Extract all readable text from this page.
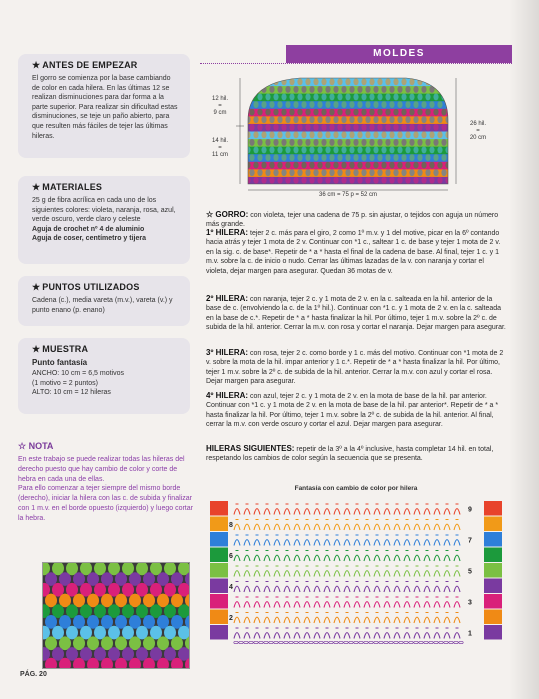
★ ANTES DE EMPEZAR
El gorro se comienza por la base cambiando de color en cada hilera. En las últimas 12 se realizan disminuciones para dar forma a la parte superior. Para realizar sin dificultad estas disminuciones, se teje un paño abierto, para que resulten más fáciles de tejer las últimas hileras.
★ MATERIALES
25 g de fibra acrílica en cada uno de los siguientes colores: violeta, naranja, rosa, azul, verde oscuro, verde claro y celeste
Aguja de crochet nº 4 de aluminio
Aguja de coser, centímetro y tijera
★ PUNTOS UTILIZADOS
Cadena (c.), media vareta (m.v.), vareta (v.) y punto enano (p. enano)
★ MUESTRA
Punto fantasía
ANCHO: 10 cm = 6,5 motivos
(1 motivo = 2 puntos)
ALTO: 10 cm = 12 hileras
☆ NOTA
En este trabajo se puede realizar todas las hileras del derecho puesto que hay cambio de color y corte de hebra en cada una de ellas.
Para ello comenzar a tejer siempre del mismo borde (derecho), iniciar la hilera con las c. de subida y finalizar con 1 m.v. en el borde opuesto (izquierdo) y luego cortar la hebra.
PÁG. 20
MOLDES
12 hil.
=
9 cm
14 hil.
=
11 cm
26 hil.
=
20 cm
36 cm = 75 p = 52 cm
☆ GORRO: con violeta, tejer una cadena de 75 p. sin ajustar, o tejidos con aguja un número más grande.
1º HILERA: tejer 2 c. más para el giro, 2 como 1º m.v. y 1 del motive, picar en la 6º contando hacia atrás y tejer 1 mota de 2 v. Continuar con *1 c., saltear 1 c. de base y tejer 1 mota de 2 v. en la sig. c. de base*. Repetir de * a * hasta el final de la cadena de base. Al final, tejer 1 c. y 1 m.v. sobre la c. de inicio o nudo. Cerrar las últimas lazadas de la v. con naranja y cortar el violeta, dejar margen para asegurar. Quedan 36 motas de v.
2º HILERA: con naranja, tejer 2 c. y 1 mota de 2 v. en la c. salteada en la hil. anterior de la base de c. (envolviendo la c. de la 1º hil.). Continuar con *1 c. y 1 mota de 2 v. en la c. salteada en la base de c.*. Repetir de * a * hasta finalizar la hil. Por último, tejer 1 m.v. sobre la 2º c. de subida de la hil. anterior. Cerrar la m.v. con rosa y cortar el naranja. Dejar margen para asegurar.
3º HILERA: con rosa, tejer 2 c. como borde y 1 c. más del motivo. Continuar con *1 mota de 2 v. sobre la mota de la hil. impar anterior y 1 c.*. Repetir de * a * hasta finalizar la hil. Por último, tejer 1 m.v. sobre la 2º c. de subida de la hil. anterior. Cerrar la m.v. con azul y cortar el rosa. Dejar margen para asegurar.
4º HILERA: con azul, tejer 2 c. y 1 mota de 2 v. en la mota de base de la hil. par anterior. Continuar con *1 c. y 1 mota de 2 v. en la mota de base de la hil. par anterior*. Repetir de * a * hasta finalizar la hil. Por último, tejer 1 m.v. sobre la 2º c. de subida de la hil. anterior. Al final, cerrar la m.v. con verde oscuro y cortar el azul. Dejar margen para asegurar.
HILERAS SIGUIENTES: repetir de la 3º a la 4º inclusive, hasta completar 14 hil. en total, respetando los cambios de color según la secuencia que se presenta.
Fantasía con cambio de color por hilera
9
8
7
6
5
4
3
2
1
